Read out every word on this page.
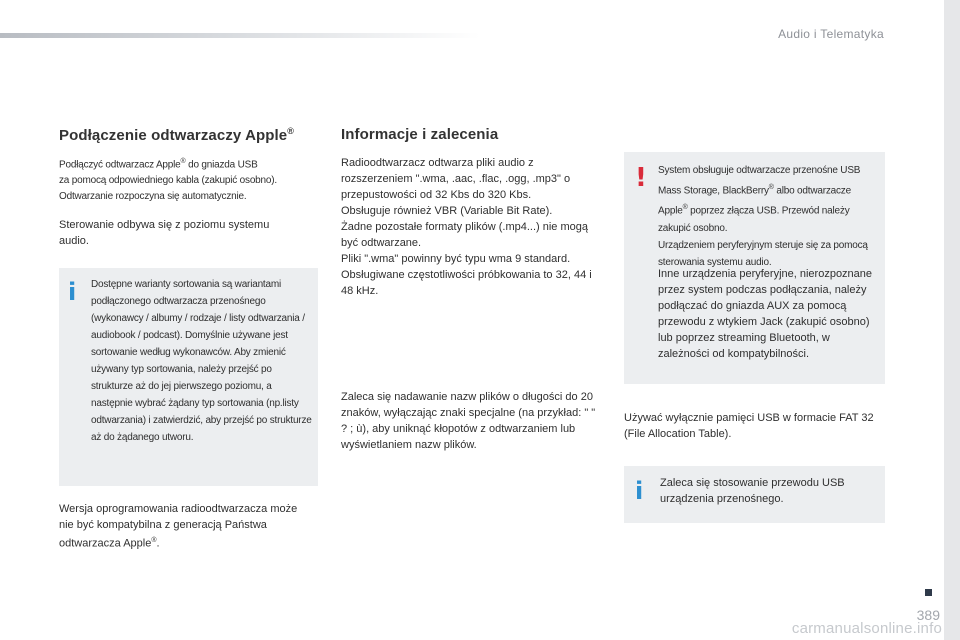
Audio i Telematyka
Podłączenie odtwarzaczy Apple®

Podłączyć odtwarzacz Apple® do gniazda USB
za pomocą odpowiedniego kabla (zakupić osobno).
Odtwarzanie rozpoczyna się automatycznie.

Sterowanie odbywa się z poziomu systemu audio.

i Dostępne warianty sortowania są wariantami podłączonego odtwarzacza przenośnego (wykonawcy / albumy / rodzaje / listy odtwarzania / audiobook / podcast). Domyślnie używane jest sortowanie według wykonawców. Aby zmienić używany typ sortowania, należy przejść po strukturze aż do jej pierwszego poziomu, a następnie wybrać żądany typ sortowania (np.listy odtwarzania) i zatwierdzić, aby przejść po strukturze aż do żądanego utworu.

Wersja oprogramowania radioodtwarzacza może nie być kompatybilna z generacją Państwa odtwarzacza Apple®.

Informacje i zalecenia

Radioodtwarzacz odtwarza pliki audio z rozszerzeniem ".wma, .aac, .flac, .ogg, .mp3" o przepustowości od 32 Kbs do 320 Kbs.
Obsługuje również VBR (Variable Bit Rate).
Żadne pozostałe formaty plików (.mp4...) nie mogą być odtwarzane.
Pliki ".wma" powinny być typu wma 9 standard.
Obsługiwane częstotliwości próbkowania to 32, 44 i 48 kHz.

Zaleca się nadawanie nazw plików o długości do 20 znaków, wyłączając znaki specjalne (na przykład: " " ? ; ù), aby uniknąć kłopotów z odtwarzaniem lub wyświetlaniem nazw plików.

! System obsługuje odtwarzacze przenośne USB Mass Storage, BlackBerry® albo odtwarzacze Apple® poprzez złącza USB. Przewód należy zakupić osobno.
Urządzeniem peryferyjnym steruje się za pomocą sterowania systemu audio.
Inne urządzenia peryferyjne, nierozpoznane przez system podczas podłączania, należy podłączać do gniazda AUX za pomocą przewodu z wtykiem Jack (zakupić osobno) lub poprzez streaming Bluetooth, w zależności od kompatybilności.

Używać wyłącznie pamięci USB w formacie FAT 32 (File Allocation Table).

i Zaleca się stosowanie przewodu USB urządzenia przenośnego.
389
carmanualsonline.info
